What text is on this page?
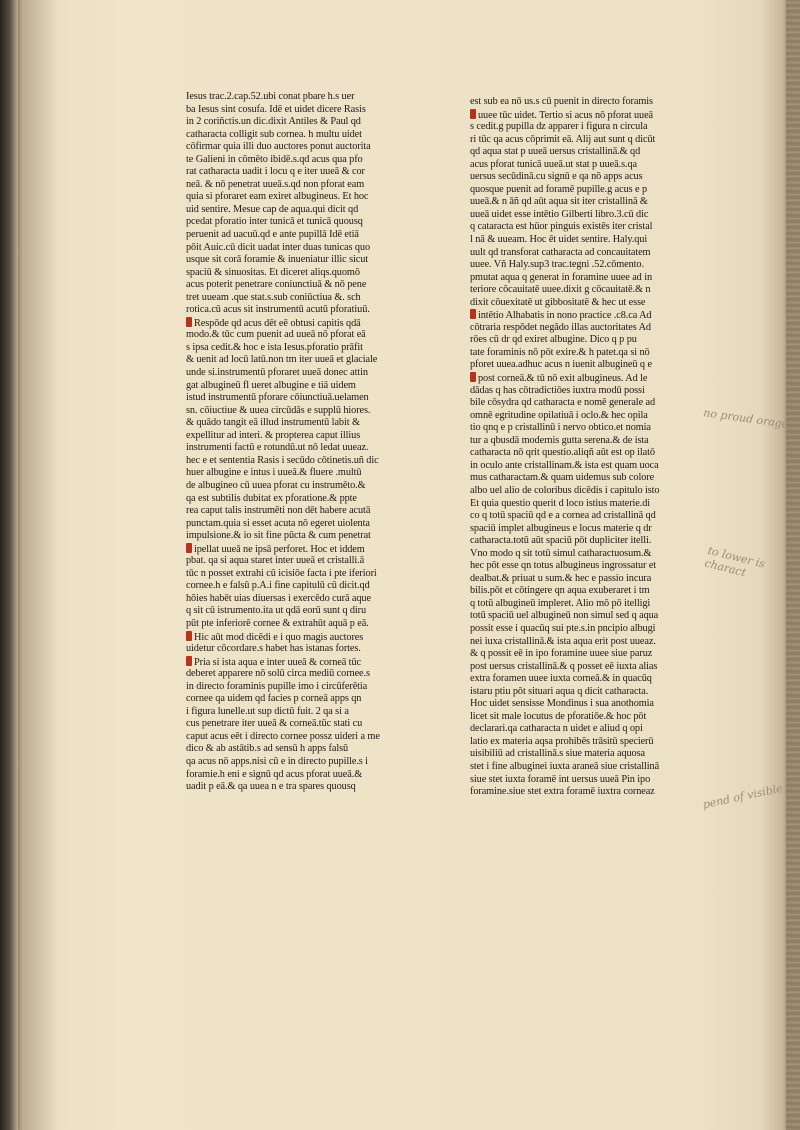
Iesus trac.2.cap.52.ubi conat pbare h.s uer
ba Iesus sint cosufa. Idē et uidet dicere Rasis
in 2 coriñctis.un dic.dixit Antiles & Paul qd
catharacta colligit sub cornea. h multu uidet
cōfirmar quia illi duo auctores ponut auctorita
te Galieni in cōmēto ibidē.s.qd acus qua pfo
rat catharacta uadit i locu q e iter uueā & cor
neā. & nō penetrat uueā.s.qd non pforat eam
quia si pforaret eam exiret albugineus. Et hoc
uid sentire. Mesue cap de aqua.qui dicit qd
pcedat pforatio inter tunicā et tunicā quousq
peruenit ad uacuū.qd e ante pupillā Idē etiā
pōit Auic.cū dicit uadat inter duas tunicas quo
usque sit corā foramie & inueniatur illic sicut
spaciū & sinuositas. Et diceret aliqs.quomō
acus poterit penetrare coniunctiuā & nō pene
tret uueam .que stat.s.sub coniūctiua &. sch
rotica.cū acus sit instrumentū acutū pforatiuū.
Respōde qd acus dēt eē obtusi capitis qdā
modo.& tūc cum puenit ad uueā nō pforat eā
s ipsa cedit.& hoc e ista Iesus.pforatio prāfit
& uenit ad locū latū.non tm iter uueā et glaciale
unde si.instrumentū pforaret uueā donec attin
gat albugineū fl ueret albugine e tiā uidem
istud instrumentū pforare cōiunctiuā.uelamen
sn. cōiuctiue & uuea circūdās e supplū hiores.
& quādo tangit eā illud instrumentū labit &
expellitur ad interi. & propterea caput illius
instrumenti factū e rotundū.ut nō ledat uueaz.
hec e et sententia Rasis i secūdo cōtinetis.uñ dic
huer albugine e intus i uueā.& fluere .multū
de albugineo cū uuea pforat cu instrumēto.&
qa est subtilis dubitat ex pforatione.& ppte
rea caput talis instrumēti non dēt habere acutā
punctam.quia si esset acuta nō egeret uiolenta
impulsione.& io sit fine pūcta & cum penetrat
ipellat uueā ne ipsā perforet. Hoc et iddem
pbat. qa si aqua staret inter uueā et cristalli.ā
tūc n posset extrahi cū icisiōe facta i pte iferiori
cornee.h e falsū p.A.i fine capitulū cū dicit.qd
hōies habēt uias diuersas i exercēdo curā aque
q sit cū istrumento.ita ut qdā eorū sunt q diru
pūt pte inferiorē cornee & extrahūt aquā p eā.
Hic aūt mod dicēdi e i quo magis auctores
uidetur cōcordare.s habet has istanas fortes.
Pria si ista aqua e inter uueā & corneā tūc
deberet apparere nō solū circa mediū cornee.s
in directo foraminis pupille imo i circūferētia
cornee qa uidem qd facies p corneā apps qn
i figura lunelle.ut sup dictū fuit. 2 qa si a
cus penetrare iter uueā & corneā.tūc stati cu
caput acus eēt i directo cornee possz uideri a me
dico & ab astātib.s ad sensū h apps falsū
qa acus nō apps.nisi cū e in directo pupille.s i
foramie.h eni e signū qd acus pforat uueā.&
uadit p eā.& qa uuea n e tra spares quousq
est sub ea nō us.s cū puenit in directo foramis
uuee tūc uidet. Tertio si acus nō pforat uueā
s cedit.g pupilla dz apparer i figura n circula
ri tūc qa acus cōprimit eā. Alij aut sunt q dicūt
qd aqua stat p uueā uersus cristallinā.& qd
acus pforat tunicā uueā.ut stat p uueā.s.qa
uersus secūdinā.cu signū e qa nō apps acus
quosque puenit ad foramē pupille.g acus e p
uueā.& n āñ qd aūt aqua sit iter cristallinā &
uueā uidet esse intētio Gilberti libro.3.cū dic
q cataracta est hūor pinguis existēs iter cristal
l nā & uueam. Hoc ēt uidet sentire. Haly.qui
uult qd transforat catharacta ad concauitatem
uuee. Vñ Haly.sup3 trac.tegni .52.cōmento.
pmutat aqua q generat in foramine uuee ad in
teriore cōcauitatē uuee.dixit g cōcauitatē.& n
dixit cōuexitatē ut gibbositatē & hec ut esse
intētio Alhabatis in nono practice .c8.ca Ad
cōtraria respōdet negādo illas auctoritates Ad
rōes cū dr qd exiret albugine. Dico q p pu
tate foraminis nō pōt exire.& h patet.qa si nō
pforet uuea.adhuc acus n iuenit albugineū q e
post corneā.& tū nō exit albugineus. Ad le
dādas q has cōtradictiōes iuxtra modū possi
bile cōsydra qd catharacta e nomē generale ad
omnē egritudine opilatiuā i oclo.& hec opila
tio qnq e p cristallinū i nervo obtico.et nomia
tur a qbusdā modernis gutta serena.& de ista
catharacta nō qrit questio.aliqñ aūt est op ilatō
in oculo ante cristallinam.& ista est quam uoca
mus catharactam.& quam uidemus sub colore
albo uel alio de coloribus dicēdis i capitulo isto
Et quia questio querit d loco istius materie.di
co q totū spaciū qd e a cornea ad cristallinā qd
spaciū implet albugineus e locus materie q dr
catharacta.totū aūt spaciū pōt dupliciter itelli.
Vno modo q sit totū simul catharactuosum.&
hec pōt esse qn totus albugineus ingrossatur et
dealbat.& priuat u sum.& hec e passio incura
bilis.pōt et cōtingere qn aqua exuberaret i tm
q totū albugineū impleret. Alio mō pō itelligi
totū spaciū uel albugineū non simul sed q aqua
possit esse i quacūq sui pte.s.in pncipio albugi
nei iuxa cristallinā.& ista aqua erit post uueaz.
& q possit eē in ipo foramine uuee siue paruz
post uersus cristallinā.& q posset eē iuxta alias
extra foramen uuee iuxta corneā.& in quacūq
istaru ptiu pōt situari aqua q dicit catharacta.
Hoc uidet sensisse Mondinus i sua anothomia
licet sit male locutus de pforatiōe.& hoc pōt
declarari.qa catharacta n uidet e aliud q opi
latio ex materia aqsa prohibēs trāsitū specierū
uisibiliū ad cristallinā.s siue materia aquosa
stet i fine albuginei iuxta araneā siue cristallinā
siue stet iuxta foramē int uersus uueā Pin ipo
foramine.siue stet extra foramē iuxtra corneaz
no proud orage
to lower is charact
pend of visible
